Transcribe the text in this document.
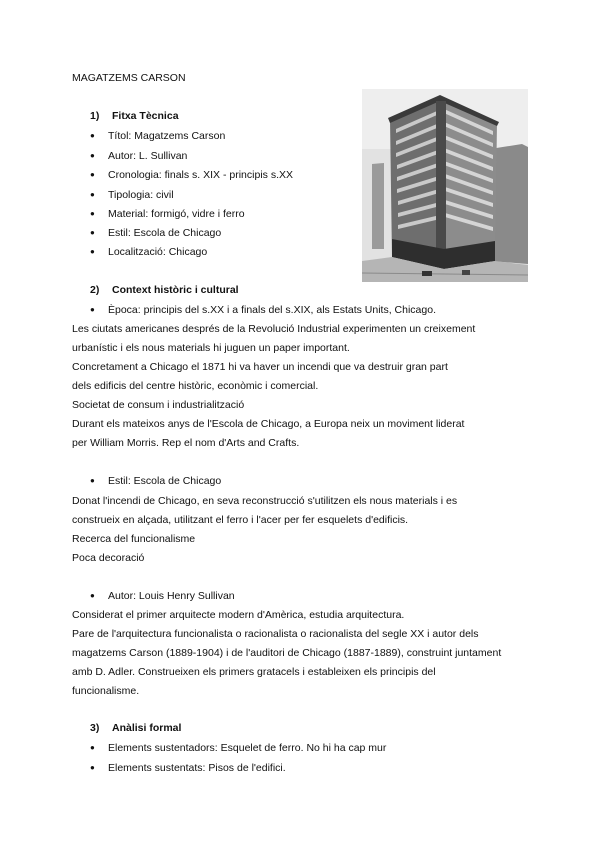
MAGATZEMS CARSON
1) Fitxa Tècnica
● Títol: Magatzems Carson
● Autor: L. Sullivan
● Cronologia: finals s. XIX - principis s.XX
● Tipologia: civil
● Material: formigó, vidre i ferro
● Estil: Escola de Chicago
● Localització: Chicago
2) Context històric i cultural
● Època: principis del s.XX i a finals del s.XIX, als Estats Units, Chicago.
Les ciutats americanes després de la Revolució Industrial experimenten un creixement
urbanístic i els nous materials hi juguen un paper important.
Concretament a Chicago el 1871 hi va haver un incendi que va destruir gran part
dels edificis del centre històric, econòmic i comercial.
Societat de consum i industrialització
Durant els mateixos anys de l'Escola de Chicago, a Europa neix un moviment liderat
per William Morris. Rep el nom d'Arts and Crafts.
● Estil: Escola de Chicago
Donat l'incendi de Chicago, en seva reconstrucció s'utilitzen els nous materials i es
construeix en alçada, utilitzant el ferro i l'acer per fer esquelets d'edificis.
Recerca del funcionalisme
Poca decoració
● Autor: Louis Henry Sullivan
Considerat el primer arquitecte modern d'Amèrica, estudia arquitectura.
Pare de l'arquitectura funcionalista o racionalista o racionalista del segle XX i autor dels
magatzems Carson (1889-1904) i de l'auditori de Chicago (1887-1889), construint juntament
amb D. Adler. Construeixen els primers gratacels i estableixen els principis del
funcionalisme.
3) Anàlisi formal
● Elements sustentadors: Esquelet de ferro. No hi ha cap mur
● Elements sustentats: Pisos de l'edifici.
